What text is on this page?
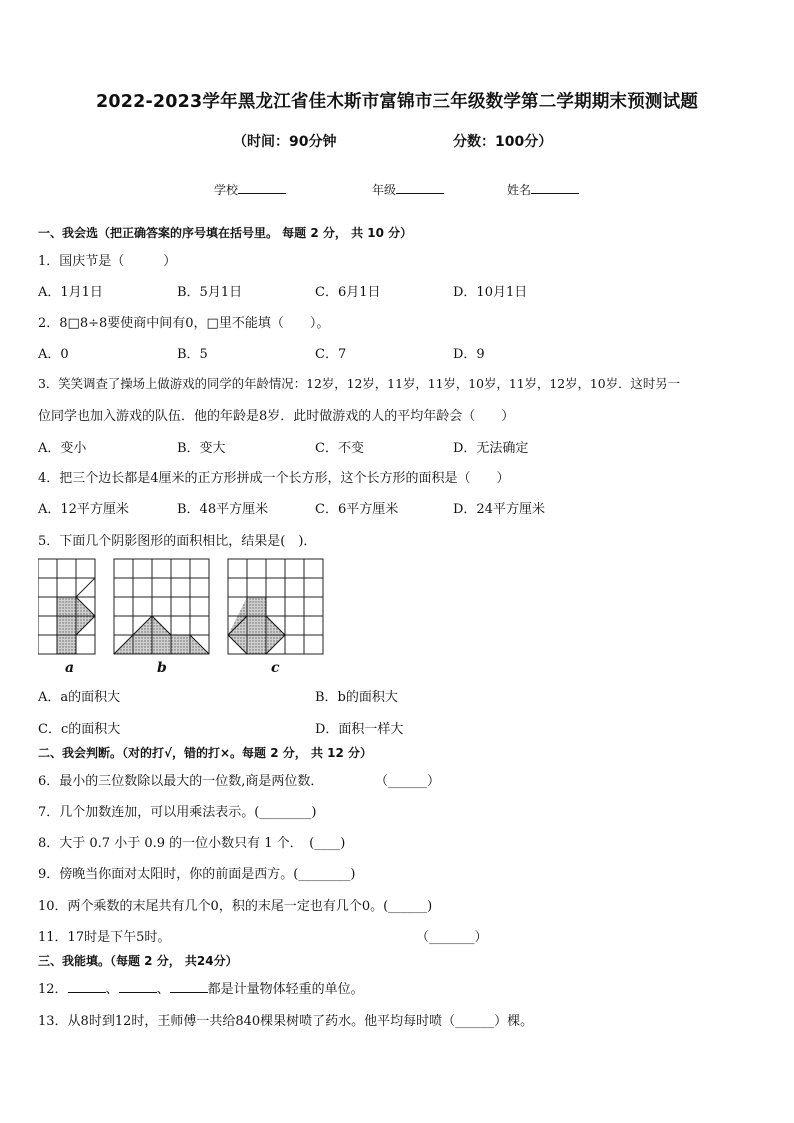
2022-2023学年黑龙江省佳木斯市富锦市三年级数学第二学期期末预测试题
（时间：90分钟	分数：100分）
学校	年级	姓名
一、我会选（把正确答案的序号填在括号里。 每题 2 分， 共 10 分）
1．国庆节是（　　　）
A．1月1日	B．5月1日	C．6月1日	D．10月1日
2．8□8÷8要使商中间有0，□里不能填（　　）。
A．0	B．5	C．7	D．9
3．笑笑调查了操场上做游戏的同学的年龄情况：12岁，12岁，11岁，11岁，10岁，11岁，12岁，10岁．这时另一
位同学也加入游戏的队伍．他的年龄是8岁．此时做游戏的人的平均年龄会（　　）
A．变小	B．变大	C．不变	D．无法确定
4．把三个边长都是4厘米的正方形拼成一个长方形，这个长方形的面积是（　　）
A．12平方厘米	B．48平方厘米	C．6平方厘米	D．24平方厘米
5．下面几个阴影图形的面积相比，结果是(　)．
a	b	c
A．a的面积大	B．b的面积大
C．c的面积大	D．面积一样大
二、我会判断。（对的打√，错的打×。每题 2 分， 共 12 分）
6．最小的三位数除以最大的一位数,商是两位数．	（______）
7．几个加数连加，可以用乘法表示。(________)
8．大于 0.7 小于 0.9 的一位小数只有 1 个．　(____)
9．傍晚当你面对太阳时，你的前面是西方。(________)
10．两个乘数的末尾共有几个0，积的末尾一定也有几个0。(______)
11．17时是下午5时。	（_______）
三、我能填。（每题 2 分， 共24分）
12．	、	、	都是计量物体轻重的单位。
13．从8时到12时，王师傅一共给840棵果树喷了药水。他平均每时喷（______）棵。
